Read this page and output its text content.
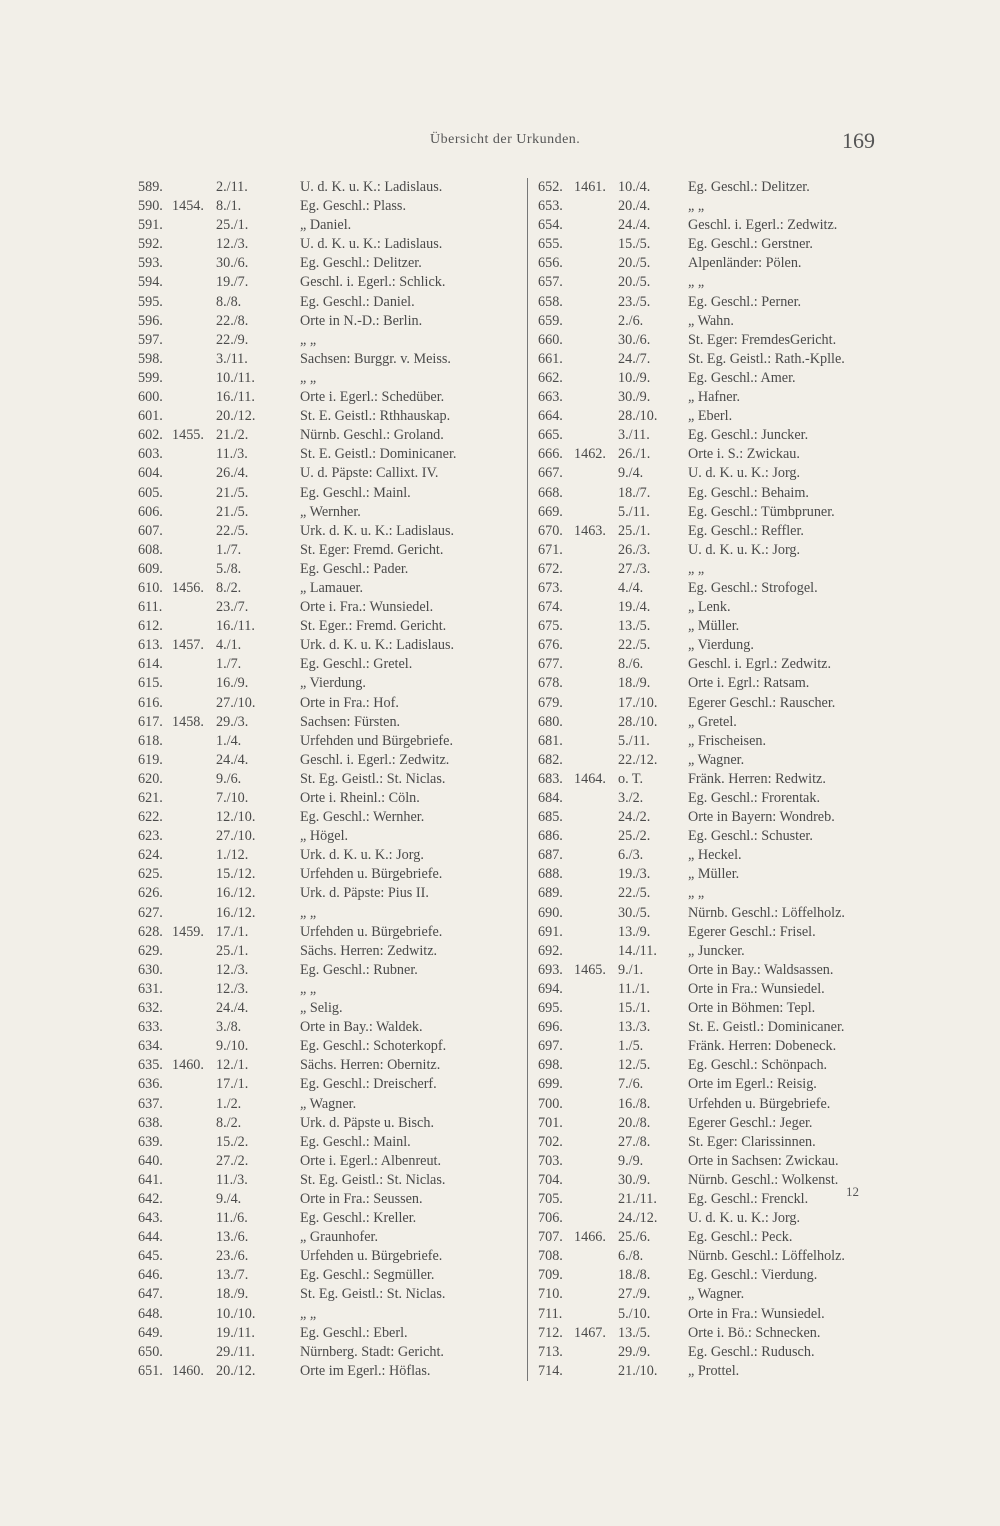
Übersicht der Urkunden.	169
589.	2./11.	U. d. K. u. K.: Ladislaus.
590. 1454. 8./1.	Eg. Geschl.: Plass.
591.	25./1.	„ Daniel.
592.	12./3.	U. d. K. u. K.: Ladislaus.
593.	30./6.	Eg. Geschl.: Delitzer.
594.	19./7.	Geschl. i. Egerl.: Schlick.
595.	8./8.	Eg. Geschl.: Daniel.
596.	22./8.	Orte in N.-D.: Berlin.
597.	22./9.	„ „
598.	3./11.	Sachsen: Burggr. v. Meiss.
599.	10./11.	„ „
600.	16./11.	Orte i. Egerl.: Schedüber.
601.	20./12.	St. E. Geistl.: Rthhauskap.
602. 1455. 21./2.	Nürnb. Geschl.: Groland.
603.	11./3.	St. E. Geistl.: Dominicaner.
604.	26./4.	U. d. Päpste: Callixt. IV.
605.	21./5.	Eg. Geschl.: Mainl.
606.	21./5.	„ Wernher.
607.	22./5.	Urk. d. K. u. K.: Ladislaus.
608.	1./7.	St. Eger: Fremd. Gericht.
609.	5./8.	Eg. Geschl.: Pader.
610. 1456. 8./2.	„ Lamauer.
611.	23./7.	Orte i. Fra.: Wunsiedel.
612.	16./11.	St. Eger.: Fremd. Gericht.
613. 1457. 4./1.	Urk. d. K. u. K.: Ladislaus.
614.	1./7.	Eg. Geschl.: Gretel.
615.	16./9.	„ Vierdung.
616.	27./10.	Orte in Fra.: Hof.
617. 1458. 29./3.	Sachsen: Fürsten.
618.	1./4.	Urfehden und Bürgebriefe.
619.	24./4.	Geschl. i. Egerl.: Zedwitz.
620.	9./6.	St. Eg. Geistl.: St. Niclas.
621.	7./10.	Orte i. Rheinl.: Cöln.
622.	12./10.	Eg. Geschl.: Wernher.
623.	27./10.	„ Högel.
624.	1./12.	Urk. d. K. u. K.: Jorg.
625.	15./12.	Urfehden u. Bürgebriefe.
626.	16./12.	Urk. d. Päpste: Pius II.
627.	16./12.	„ „
628. 1459. 17./1.	Urfehden u. Bürgebriefe.
629.	25./1.	Sächs. Herren: Zedwitz.
630.	12./3.	Eg. Geschl.: Rubner.
631.	12./3.	„ „
632.	24./4.	„ Selig.
633.	3./8.	Orte in Bay.: Waldek.
634.	9./10.	Eg. Geschl.: Schoterkopf.
635. 1460. 12./1.	Sächs. Herren: Obernitz.
636.	17./1.	Eg. Geschl.: Dreischerf.
637.	1./2.	„ Wagner.
638.	8./2.	Urk. d. Päpste u. Bisch.
639.	15./2.	Eg. Geschl.: Mainl.
640.	27./2.	Orte i. Egerl.: Albenreut.
641.	11./3.	St. Eg. Geistl.: St. Niclas.
642.	9./4.	Orte in Fra.: Seussen.
643.	11./6.	Eg. Geschl.: Kreller.
644.	13./6.	„ Graunhofer.
645.	23./6.	Urfehden u. Bürgebriefe.
646.	13./7.	Eg. Geschl.: Segmüller.
647.	18./9.	St. Eg. Geistl.: St. Niclas.
648.	10./10.	„ „
649.	19./11.	Eg. Geschl.: Eberl.
650.	29./11.	Nürnberg. Stadt: Gericht.
651. 1460. 20./12.	Orte im Egerl.: Höflas.
652. 1461. 10./4.	Eg. Geschl.: Delitzer.
653.	20./4.	„ „
654.	24./4.	Geschl. i. Egerl.: Zedwitz.
655.	15./5.	Eg. Geschl.: Gerstner.
656.	20./5.	Alpenländer: Pölen.
657.	20./5.	„ „
658.	23./5.	Eg. Geschl.: Perner.
659.	2./6.	„ Wahn.
660.	30./6.	St. Eger: FremdesGericht.
661.	24./7.	St. Eg. Geistl.: Rath.-Kplle.
662.	10./9.	Eg. Geschl.: Amer.
663.	30./9.	„ Hafner.
664.	28./10. „ Eberl.
665.	3./11.	Eg. Geschl.: Juncker.
666. 1462. 26./1.	Orte i. S.: Zwickau.
667.	9./4.	U. d. K. u. K.: Jorg.
668.	18./7.	Eg. Geschl.: Behaim.
669.	5./11.	Eg. Geschl.: Tümbpruner.
670. 1463. 25./1.	Eg. Geschl.: Reffler.
671.	26./3.	U. d. K. u. K.: Jorg.
672.	27./3.	„ „
673.	4./4.	Eg. Geschl.: Strofogel.
674.	19./4.	„ Lenk.
675.	13./5.	„ Müller.
676.	22./5.	„ Vierdung.
677.	8./6.	Geschl. i. Egrl.: Zedwitz.
678.	18./9.	Orte i. Egrl.: Ratsam.
679.	17./10. Egerer Geschl.: Rauscher.
680.	28./10. „ Gretel.
681.	5./11.	„ Frischeisen.
682.	22./12. „ Wagner.
683. 1464. o. T.	Fränk. Herren: Redwitz.
684.	3./2.	Eg. Geschl.: Frorentak.
685.	24./2.	Orte in Bayern: Wondreb.
686.	25./2.	Eg. Geschl.: Schuster.
687.	6./3.	„ Heckel.
688.	19./3.	„ Müller.
689.	22./5.	„ „
690.	30./5.	Nürnb. Geschl.: Löffelholz.
691.	13./9.	Egerer Geschl.: Frisel.
692.	14./11. „ Juncker.
693. 1465. 9./1.	Orte in Bay.: Waldsassen.
694.	11./1.	Orte in Fra.: Wunsiedel.
695.	15./1.	Orte in Böhmen: Tepl.
696.	13./3.	St. E. Geistl.: Dominicaner.
697.	1./5.	Fränk. Herren: Dobeneck.
698.	12./5.	Eg. Geschl.: Schönpach.
699.	7./6.	Orte im Egerl.: Reisig.
700.	16./8.	Urfehden u. Bürgebriefe.
701.	20./8.	Egerer Geschl.: Jeger.
702.	27./8.	St. Eger: Clarissinnen.
703.	9./9.	Orte in Sachsen: Zwickau.
704.	30./9.	Nürnb. Geschl.: Wolkenst.
705.	21./11. Eg. Geschl.: Frenckl.
706.	24./12. U. d. K. u. K.: Jorg.
707. 1466. 25./6.	Eg. Geschl.: Peck.
708.	6./8.	Nürnb. Geschl.: Löffelholz.
709.	18./8.	Eg. Geschl.: Vierdung.
710.	27./9.	„ Wagner.
711.	5./10.	Orte in Fra.: Wunsiedel.
712. 1467. 13./5.	Orte i. Bö.: Schnecken.
713.	29./9.	Eg. Geschl.: Rudusch.
714.	21./10. „ Prottel.
12
